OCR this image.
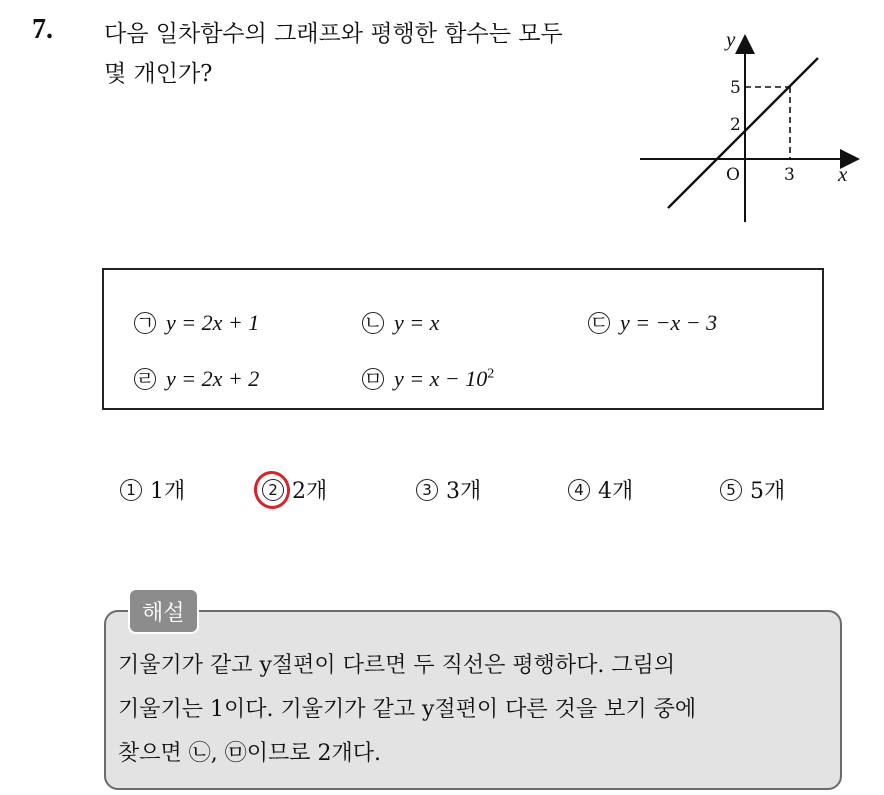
7. 다음 일차함수의 그래프와 평행한 함수는 모두
몇 개인가?
y
x
O
5
2
3
ㄱ y = 2x + 1	ㄴ y = x	ㄷ y = −x − 3
ㄹ y = 2x + 2	ㅁ $y = x - 10^2$
1 1개	2 2개	3 3개	4 4개	5 5개
해설
기울기가 같고 y절편이 다르면 두 직선은 평행하다. 그림의
기울기는 1이다. 기울기가 같고 y절편이 다른 것을 보기 중에
찾으면 ㉡, ㉤이므로 2개다.
